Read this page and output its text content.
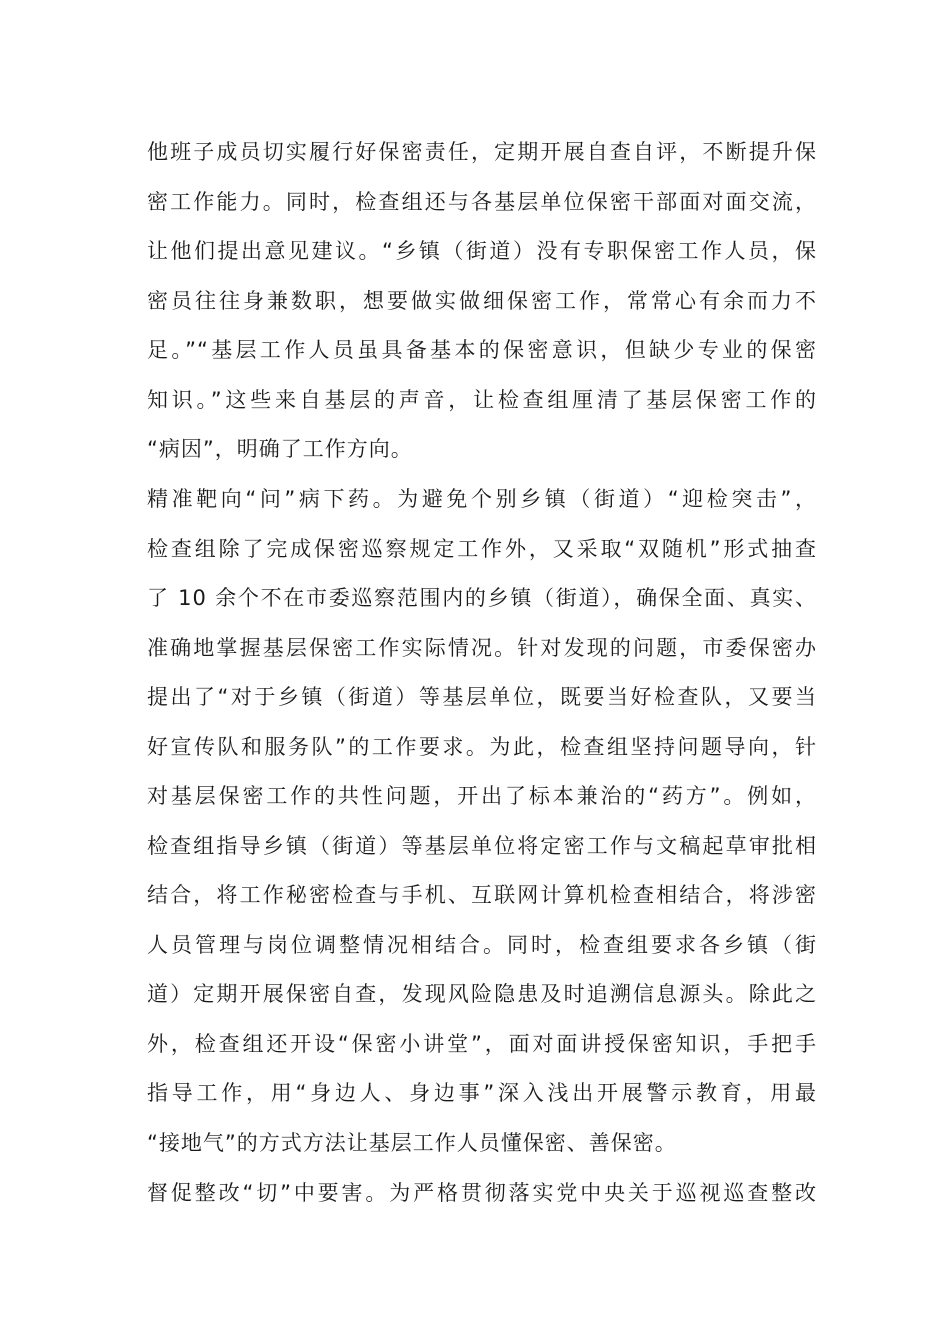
他班子成员切实履行好保密责任，定期开展自查自评，不断提升保
密工作能力。同时，检查组还与各基层单位保密干部面对面交流，
让他们提出意见建议。“乡镇（街道）没有专职保密工作人员，保
密员往往身兼数职，想要做实做细保密工作，常常心有余而力不
足。”“基层工作人员虽具备基本的保密意识，但缺少专业的保密
知识。”这些来自基层的声音，让检查组厘清了基层保密工作的
“病因”，明确了工作方向。
精准靶向“问”病下药。为避免个别乡镇（街道）“迎检突击”，
检查组除了完成保密巡察规定工作外，又采取“双随机”形式抽查
了 10 余个不在市委巡察范围内的乡镇（街道），确保全面、真实、
准确地掌握基层保密工作实际情况。针对发现的问题，市委保密办
提出了“对于乡镇（街道）等基层单位，既要当好检查队，又要当
好宣传队和服务队”的工作要求。为此，检查组坚持问题导向，针
对基层保密工作的共性问题，开出了标本兼治的“药方”。例如，
检查组指导乡镇（街道）等基层单位将定密工作与文稿起草审批相
结合，将工作秘密检查与手机、互联网计算机检查相结合，将涉密
人员管理与岗位调整情况相结合。同时，检查组要求各乡镇（街
道）定期开展保密自查，发现风险隐患及时追溯信息源头。除此之
外，检查组还开设“保密小讲堂”，面对面讲授保密知识，手把手
指导工作，用“身边人、身边事”深入浅出开展警示教育，用最
“接地气”的方式方法让基层工作人员懂保密、善保密。
督促整改“切”中要害。为严格贯彻落实党中央关于巡视巡查整改
